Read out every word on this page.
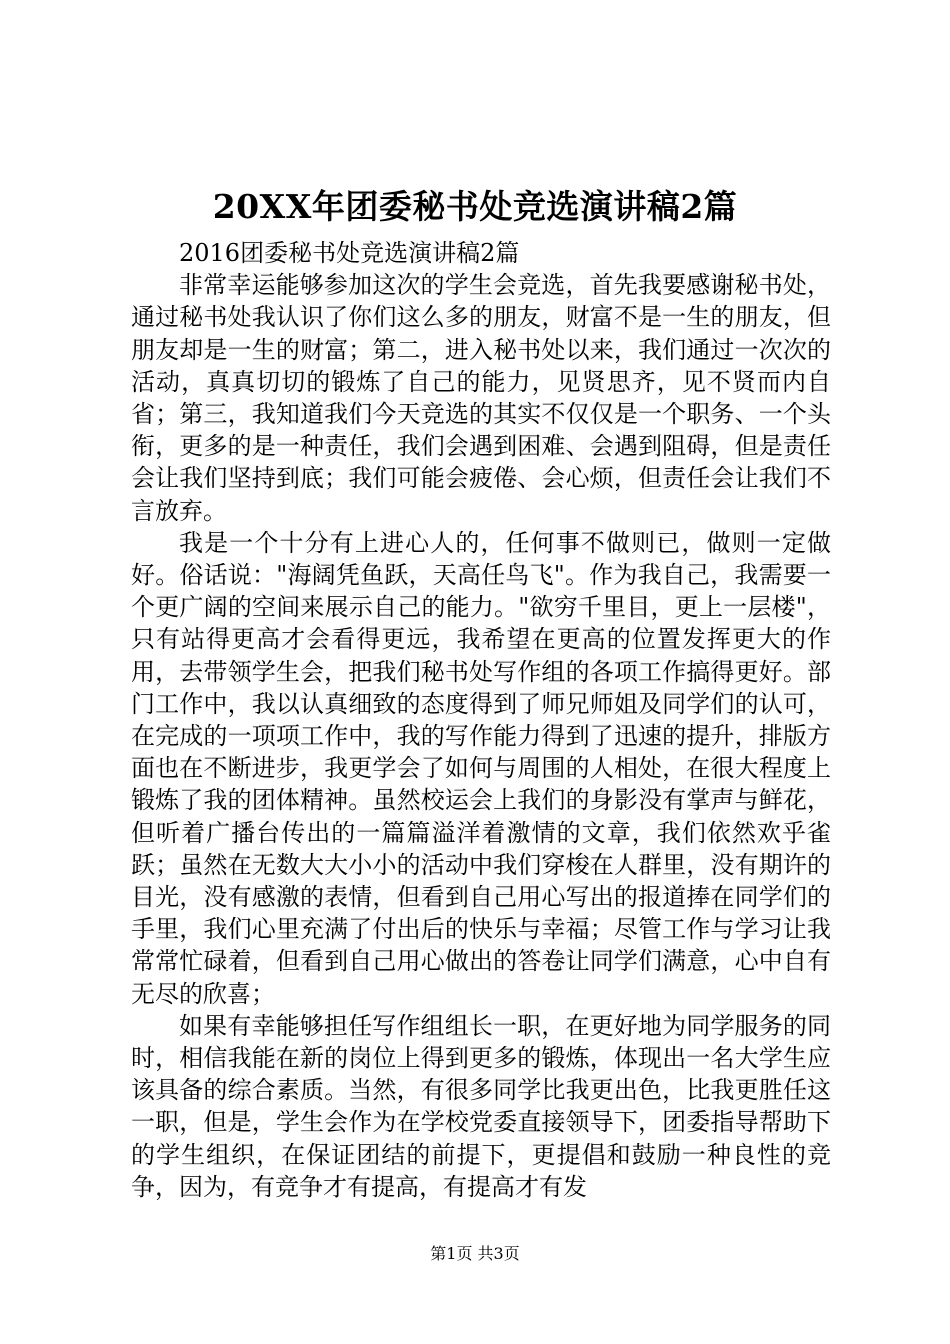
20XX年团委秘书处竞选演讲稿2篇

2016团委秘书处竞选演讲稿2篇

非常幸运能够参加这次的学生会竞选，首先我要感谢秘书处，通过秘书处我认识了你们这么多的朋友，财富不是一生的朋友，但朋友却是一生的财富；第二，进入秘书处以来，我们通过一次次的活动，真真切切的锻炼了自己的能力，见贤思齐，见不贤而内自省；第三，我知道我们今天竞选的其实不仅仅是一个职务、一个头衔，更多的是一种责任，我们会遇到困难、会遇到阻碍，但是责任会让我们坚持到底；我们可能会疲倦、会心烦，但责任会让我们不言放弃。

我是一个十分有上进心人的，任何事不做则已，做则一定做好。俗话说："海阔凭鱼跃，天高任鸟飞"。作为我自己，我需要一个更广阔的空间来展示自己的能力。"欲穷千里目，更上一层楼"，只有站得更高才会看得更远，我希望在更高的位置发挥更大的作用，去带领学生会，把我们秘书处写作组的各项工作搞得更好。部门工作中，我以认真细致的态度得到了师兄师姐及同学们的认可，在完成的一项项工作中，我的写作能力得到了迅速的提升，排版方面也在不断进步，我更学会了如何与周围的人相处，在很大程度上锻炼了我的团体精神。虽然校运会上我们的身影没有掌声与鲜花，但听着广播台传出的一篇篇溢洋着激情的文章，我们依然欢乎雀跃；虽然在无数大大小小的活动中我们穿梭在人群里，没有期许的目光，没有感激的表情，但看到自己用心写出的报道捧在同学们的手里，我们心里充满了付出后的快乐与幸福；尽管工作与学习让我常常忙碌着，但看到自己用心做出的答卷让同学们满意，心中自有无尽的欣喜；

如果有幸能够担任写作组组长一职，在更好地为同学服务的同时，相信我能在新的岗位上得到更多的锻炼，体现出一名大学生应该具备的综合素质。当然，有很多同学比我更出色，比我更胜任这一职，但是，学生会作为在学校党委直接领导下，团委指导帮助下的学生组织，在保证团结的前提下，更提倡和鼓励一种良性的竞争，因为，有竞争才有提高，有提高才有发

第1页 共3页
